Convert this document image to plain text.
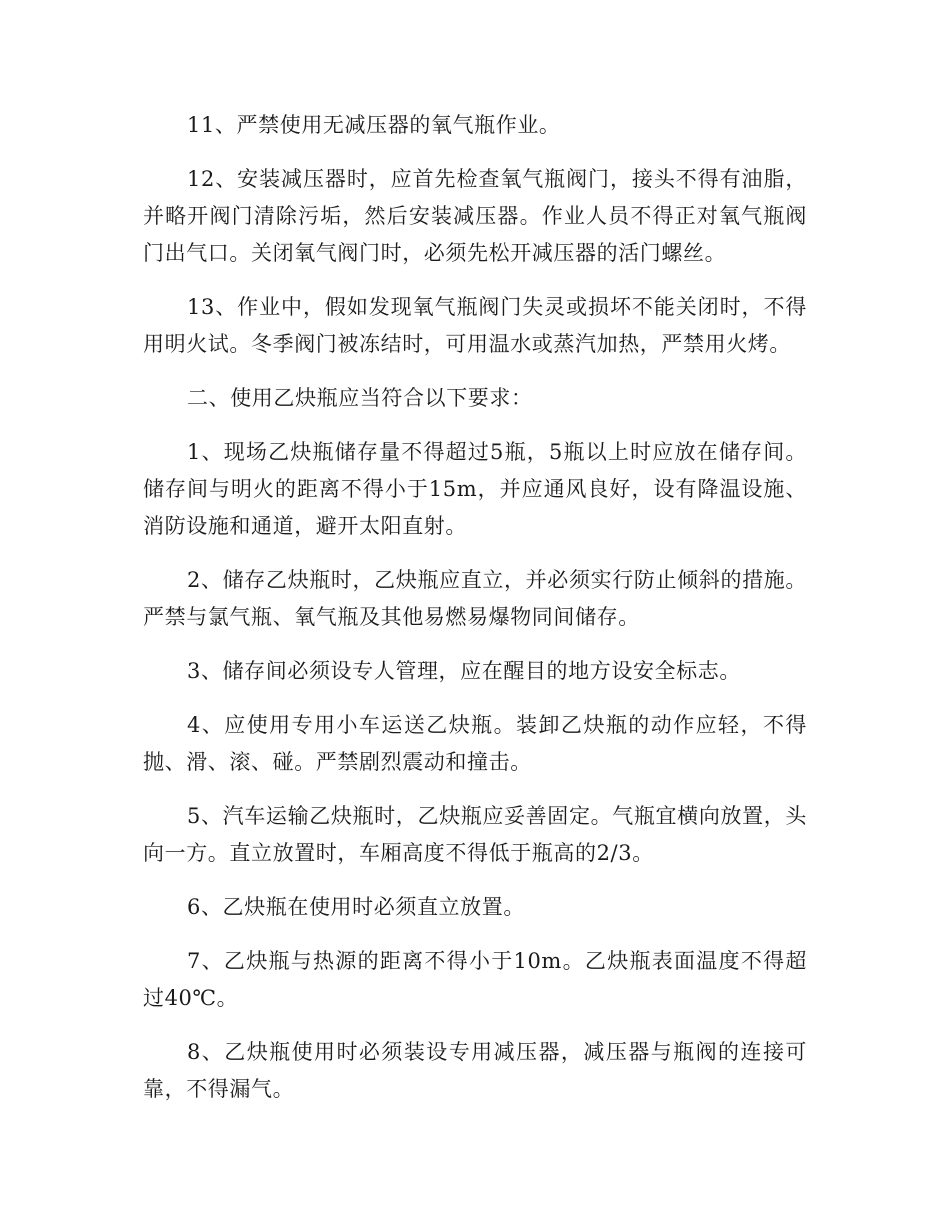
11、严禁使用无减压器的氧气瓶作业。

12、安装减压器时，应首先检查氧气瓶阀门，接头不得有油脂，并略开阀门清除污垢，然后安装减压器。作业人员不得正对氧气瓶阀门出气口。关闭氧气阀门时，必须先松开减压器的活门螺丝。

13、作业中，假如发现氧气瓶阀门失灵或损坏不能关闭时，不得用明火试。冬季阀门被冻结时，可用温水或蒸汽加热，严禁用火烤。

二、使用乙炔瓶应当符合以下要求：

1、现场乙炔瓶储存量不得超过5瓶，5瓶以上时应放在储存间。储存间与明火的距离不得小于15m，并应通风良好，设有降温设施、消防设施和通道，避开太阳直射。

2、储存乙炔瓶时，乙炔瓶应直立，并必须实行防止倾斜的措施。严禁与氯气瓶、氧气瓶及其他易燃易爆物同间储存。

3、储存间必须设专人管理，应在醒目的地方设安全标志。

4、应使用专用小车运送乙炔瓶。装卸乙炔瓶的动作应轻，不得抛、滑、滚、碰。严禁剧烈震动和撞击。

5、汽车运输乙炔瓶时，乙炔瓶应妥善固定。气瓶宜横向放置，头向一方。直立放置时，车厢高度不得低于瓶高的2/3。

6、乙炔瓶在使用时必须直立放置。

7、乙炔瓶与热源的距离不得小于10m。乙炔瓶表面温度不得超过40℃。

8、乙炔瓶使用时必须装设专用减压器，减压器与瓶阀的连接可靠，不得漏气。
